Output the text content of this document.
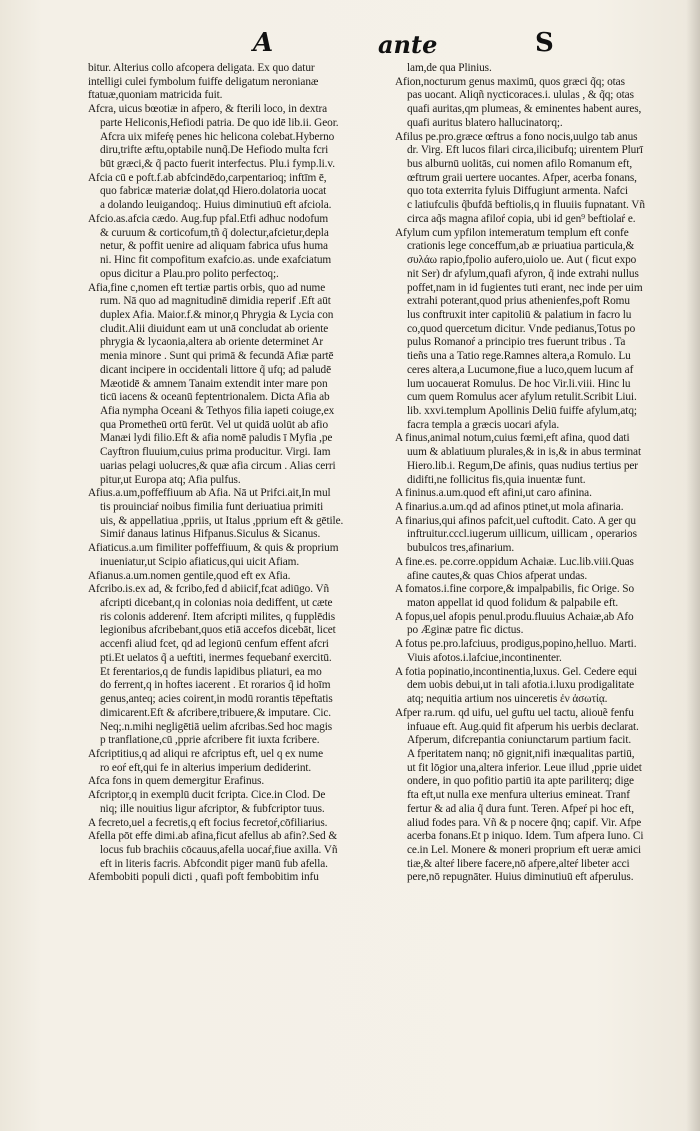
A	ante	S
bitur. Alterius collo afcopera deligata. Ex quo datur
intelligi culei fymbolum fuiffe deligatum neronianæ
ftatuæ,quoniam matricida fuit.
Afcra, uicus bœotiæ in afpero, & fterili loco, in dextra
parte Heliconis,Hefiodi patria. De quo idē lib.ii. Geor.
Afcra uix mifeŕę penes hic helicona colebat.Hyberno
diru,trifte æftu,optabile nunq̃.De Hefiodo multa fcri
būt græci,& q̃ pacto fuerit interfectus. Plu.i fymp.li.v.
Afcia cū e poft.f.ab abfcindēdo,carpentarioq; inftīm ē,
quo fabricæ materiæ dolat,qd Hiero.dolatoria uocat
a dolando leuigandoq;. Huius diminutiuū eft afciola.
Afcio.as.afcia cædo. Aug.fup pfal.Etfi adhuc nodofum
& curuum & corticofum,tñ q̃ dolectur,afcietur,depla
netur, & poffit uenire ad aliquam fabrica ufus huma
ni. Hinc fit compofitum exafcio.as. unde exafciatum
opus dicitur a Plau.pro polito perfectoq;.
Afia,fine c,nomen eft tertiæ partis orbis, quo ad nume
rum. Nā quo ad magnitudinē dimidia reperif .Eft aūt
duplex Afia. Maior.f.& minor,q Phrygia & Lycia con
cludit.Alii diuidunt eam ut unā concludat ab oriente
phrygia & lycaonia,altera ab oriente determinet Ar
menia minore . Sunt qui primā & fecundā Afiæ partē
dicant incipere in occidentali littore q̃ ufq; ad paludē
Mæotidē & amnem Tanaim extendit inter mare pon
ticū iacens & oceanū feptentrionalem. Dicta Afia ab
Afia nympha Oceani & Tethyos filia iapeti coiuge,ex
qua Prometheū ortū ferūt. Vel ut quidā uolūt ab afio
Manæi lydi filio.Eft & afia nomē paludis ī Myfia ,pe
Cayftron fluuium,cuius prima producitur. Virgi. Iam
uarias pelagi uolucres,& quæ afia circum . Alias cerri
pitur,ut Europa atq; Afia pulfus.
Afius.a.um,poffeffiuum ab Afia. Nā ut Prifci.ait,In mul
tis prouinciaŕ noibus fimilia funt deriuatiua primiti
uis, & appellatiua ,ppriis, ut Italus ,pprium eft & gētile.
Simiŕ danaus latinus Hifpanus.Siculus & Sicanus.
Afiaticus.a.um fimiliter poffeffiuum, & quis & proprium
inueniatur,ut Scipio afiaticus,qui uicit Afiam.
Afianus.a.um.nomen gentile,quod eft ex Afia.
Afcribo.is.ex ad, & fcribo,fed d abiicif,fcat adiūgo. Vñ
afcripti dicebant,q in colonias noia dediffent, ut cæte
ris colonis adderenŕ. Item afcripti milites, q fupplēdis
legionibus afcribebant,quos etiā accefos dicebāt, licet
accenfi aliud fcet, qd ad legionū cenfum effent afcri
pti.Et uelatos q̃ a ueftiti, inermes fequebanŕ exercitū.
Et ferentarios,q de fundis lapidibus pliaturi, ea mo
do ferrent,q in hoftes iacerent . Et rorarios q̃ id hoīm
genus,anteq; acies coirent,in modū rorantis tēpeftatis
dimicarent.Eft & afcribere,tribuere,& imputare. Cic.
Neq;.n.mihi negligētiā uelim afcribas.Sed hoc magis
p tranflatione,cū ,pprie afcribere fit iuxta fcribere.
Afcriptitius,q ad aliqui re afcriptus eft, uel q ex nume
ro eoŕ eft,qui fe in alterius imperium dediderint.
Afca fons in quem demergitur Erafinus.
Afcriptor,q in exemplū ducit fcripta. Cice.in Clod. De
niq; ille nouitius ligur afcriptor, & fubfcriptor tuus.
A fecreto,uel a fecretis,q eft focius fecretoŕ,cōfiliarius.
Afella pōt effe dimi.ab afina,ficut afellus ab afin?.Sed &
locus fub brachiis cōcauus,afella uocaŕ,fiue axilla. Vñ
eft in literis facris. Abfcondit piger manū fub afella.
Afembobiti populi dicti , quafi poft fembobitim infu
lam,de qua Plinius.
Afion,nocturum genus maximū, quos græci q̃q; otas
pas uocant. Aliqñ nycticoraces.i. ululas , & q̃q; otas
quafi auritas,qm plumeas, & eminentes habent aures,
quafi auritus blatero hallucinatorq;.
Afilus pe.pro.græce œftrus a fono nocis,uulgo tab anus
dr. Virg. Eft lucos filari circa,ilicibufq; uirentem Plurī
bus alburnū uolitās, cui nomen afilo Romanum eft,
œftrum graii uertere uocantes. Afper, acerba fonans,
quo tota exterrita fyluis Diffugiunt armenta. Nafci
c latiufculis q̃bufdā beftiolis,q in fluuiis fupnatant. Vñ
circa aq̃s magna afiloŕ copia, ubi id gen⁹ beftiolaŕ e.
Afylum cum ypfilon intemeratum templum eft confe
crationis lege conceffum,ab æ priuatiua particula,&
συλάω rapio,fpolio aufero,uiolo ue. Aut ( ficut expo
nit Ser) dr afylum,quafi afyron, q̃ inde extrahi nullus
poffet,nam in id fugientes tuti erant, nec inde per uim
extrahi poterant,quod prius athenienfes,poft Romu
lus conftruxit inter capitoliū & palatium in facro lu
co,quod quercetum dicitur. Vnde pedianus,Totus po
pulus Romanoŕ a principio tres fuerunt tribus . Ta
tieñs una a Tatio rege.Ramnes altera,a Romulo. Lu
ceres altera,a Lucumone,fiue a luco,quem lucum af
lum uocauerat Romulus. De hoc Vir.li.viii. Hinc lu
cum quem Romulus acer afylum retulit.Scribit Liui.
lib. xxvi.templum Apollinis Deliū fuiffe afylum,atq;
facra templa a græcis uocari afyla.
A finus,animal notum,cuius fœmi,eft afina, quod dati
uum & ablatiuum plurales,& in is,& in abus terminat
Hiero.lib.i. Regum,De afinis, quas nudius tertius per
didifti,ne follicitus fis,quia inuentæ funt.
A fininus.a.um.quod eft afini,ut caro afinina.
A finarius.a.um.qd ad afinos ptinet,ut mola afinaria.
A finarius,qui afinos pafcit,uel cuftodit. Cato. A ger qu
inftruitur.cccl.iugerum uillicum, uillicam , operarios
bubulcos tres,afinarium.
A fine.es. pe.corre.oppidum Achaiæ. Luc.lib.viii.Quas
afine cautes,& quas Chios afperat undas.
A fomatos.i.fine corpore,& impalpabilis, fic Orige. So
maton appellat id quod folidum & palpabile eft.
A fopus,uel afopis penul.produ.fluuius Achaiæ,ab Afo
po Æginæ patre fic dictus.
A fotus pe.pro.lafciuus, prodigus,popino,helluo. Marti.
Viuis afotos.i.lafciue,incontinenter.
A fotia popinatio,incontinentia,luxus. Gel. Cedere equi
dem uobis debui,ut in tali afotia.i.luxu prodigalitate
atq; nequitia artium nos uinceretis ἐν ἀσωτίᾳ.
Afper ra.rum. qd uifu, uel guftu uel tactu, aliouẽ fenfu
infuaue eft. Aug.quid fit afperum his uerbis declarat.
Afperum, difcrepantia coniunctarum partium facit.
A fperitatem nanq; nō gignit,nifi inæqualitas partiū,
ut fit lōgior una,altera inferior. Leue illud ,pprie uidet
ondere, in quo pofitio partiū ita apte pariliterq; dige
fta eft,ut nulla exe menfura ulterius emineat. Tranf
fertur & ad alia q̃ dura funt. Teren. Afpeŕ pi hoc eft,
aliud fodes para. Vñ & p nocere q̃nq; capif. Vir. Afpe
acerba fonans.Et p iniquo. Idem. Tum afpera Iuno. Ci
ce.in Lel. Monere & moneri proprium eft ueræ amici
tiæ,& alteŕ libere facere,nō afpere,alteŕ libeter acci
pere,nō repugnāter. Huius diminutiuū eft afperulus.
